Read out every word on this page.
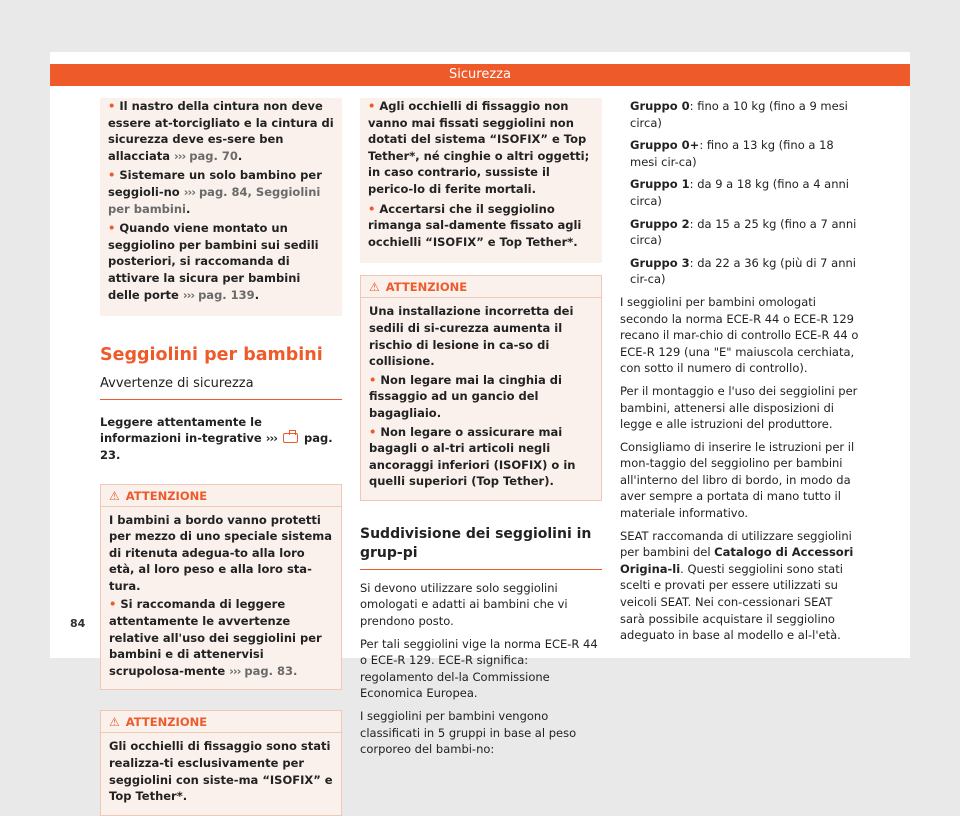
Sicurezza

• Il nastro della cintura non deve essere at-torcigliato e la cintura di sicurezza deve es-sere ben allacciata ››› pag. 70.

• Sistemare un solo bambino per seggioli-no ››› pag. 84, Seggiolini per bambini.

• Quando viene montato un seggiolino per bambini sui sedili posteriori, si raccomanda di attivare la sicura per bambini delle porte ››› pag. 139.

Seggiolini per bambini
Avvertenze di sicurezza

Leggere attentamente le informazioni in-tegrative ››› pag. 23.

⚠ ATTENZIONE

I bambini a bordo vanno protetti per mezzo di uno speciale sistema di ritenuta adegua-to alla loro età, al loro peso e alla loro sta-tura.

• Si raccomanda di leggere attentamente le avvertenze relative all'uso dei seggiolini per bambini e di attenervisi scrupolosa-mente ››› pag. 83.

⚠ ATTENZIONE

Gli occhielli di fissaggio sono stati realizza-ti esclusivamente per seggiolini con siste-ma “ISOFIX” e Top Tether*.

• Agli occhielli di fissaggio non vanno mai fissati seggiolini non dotati del sistema “ISOFIX” e Top Tether*, né cinghie o altri oggetti; in caso contrario, sussiste il perico-lo di ferite mortali.

• Accertarsi che il seggiolino rimanga sal-damente fissato agli occhielli “ISOFIX” e Top Tether*.

⚠ ATTENZIONE

Una installazione incorretta dei sedili di si-curezza aumenta il rischio di lesione in ca-so di collisione.

• Non legare mai la cinghia di fissaggio ad un gancio del bagagliaio.

• Non legare o assicurare mai bagagli o al-tri articoli negli ancoraggi inferiori (ISOFIX) o in quelli superiori (Top Tether).

Suddivisione dei seggiolini in grup-pi

Si devono utilizzare solo seggiolini omologati e adatti ai bambini che vi prendono posto.

Per tali seggiolini vige la norma ECE-R 44 o ECE-R 129. ECE-R significa: regolamento del-la Commissione Economica Europea.

I seggiolini per bambini vengono classificati in 5 gruppi in base al peso corporeo del bambi-no:

Gruppo 0: fino a 10 kg (fino a 9 mesi circa)

Gruppo 0+: fino a 13 kg (fino a 18 mesi cir-ca)

Gruppo 1: da 9 a 18 kg (fino a 4 anni circa)

Gruppo 2: da 15 a 25 kg (fino a 7 anni circa)

Gruppo 3: da 22 a 36 kg (più di 7 anni cir-ca)

I seggiolini per bambini omologati secondo la norma ECE-R 44 o ECE-R 129 recano il mar-chio di controllo ECE-R 44 o ECE-R 129 (una "E" maiuscola cerchiata, con sotto il numero di controllo).

Per il montaggio e l'uso dei seggiolini per bambini, attenersi alle disposizioni di legge e alle istruzioni del produttore.

Consigliamo di inserire le istruzioni per il mon-taggio del seggiolino per bambini all'interno del libro di bordo, in modo da aver sempre a portata di mano tutto il materiale informativo.

SEAT raccomanda di utilizzare seggiolini per bambini del Catalogo di Accessori Origina-li. Questi seggiolini sono stati scelti e provati per essere utilizzati su veicoli SEAT. Nei con-cessionari SEAT sarà possibile acquistare il seggiolino adeguato in base al modello e al-l'età.

84
